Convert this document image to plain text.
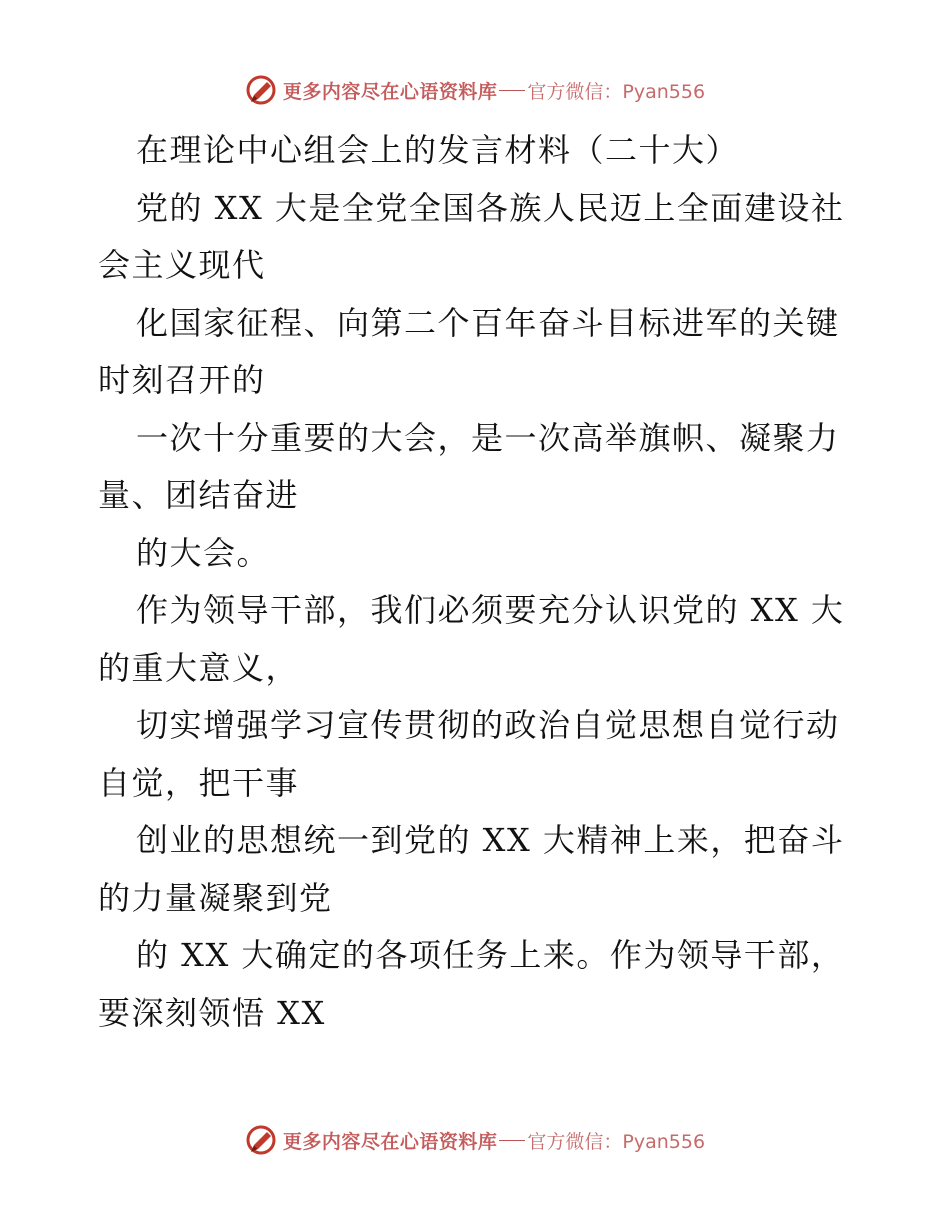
更多内容尽在心语资料库 官方微信：Pyan556
在理论中心组会上的发言材料（二十大）
党的 XX 大是全党全国各族人民迈上全面建设社
会主义现代
化国家征程、向第二个百年奋斗目标进军的关键
时刻召开的
一次十分重要的大会，是一次高举旗帜、凝聚力
量、团结奋进
的大会。
作为领导干部，我们必须要充分认识党的 XX 大
的重大意义，
切实增强学习宣传贯彻的政治自觉思想自觉行动
自觉，把干事
创业的思想统一到党的 XX 大精神上来，把奋斗
的力量凝聚到党
的 XX 大确定的各项任务上来。作为领导干部，
要深刻领悟 XX
更多内容尽在心语资料库 官方微信：Pyan556
